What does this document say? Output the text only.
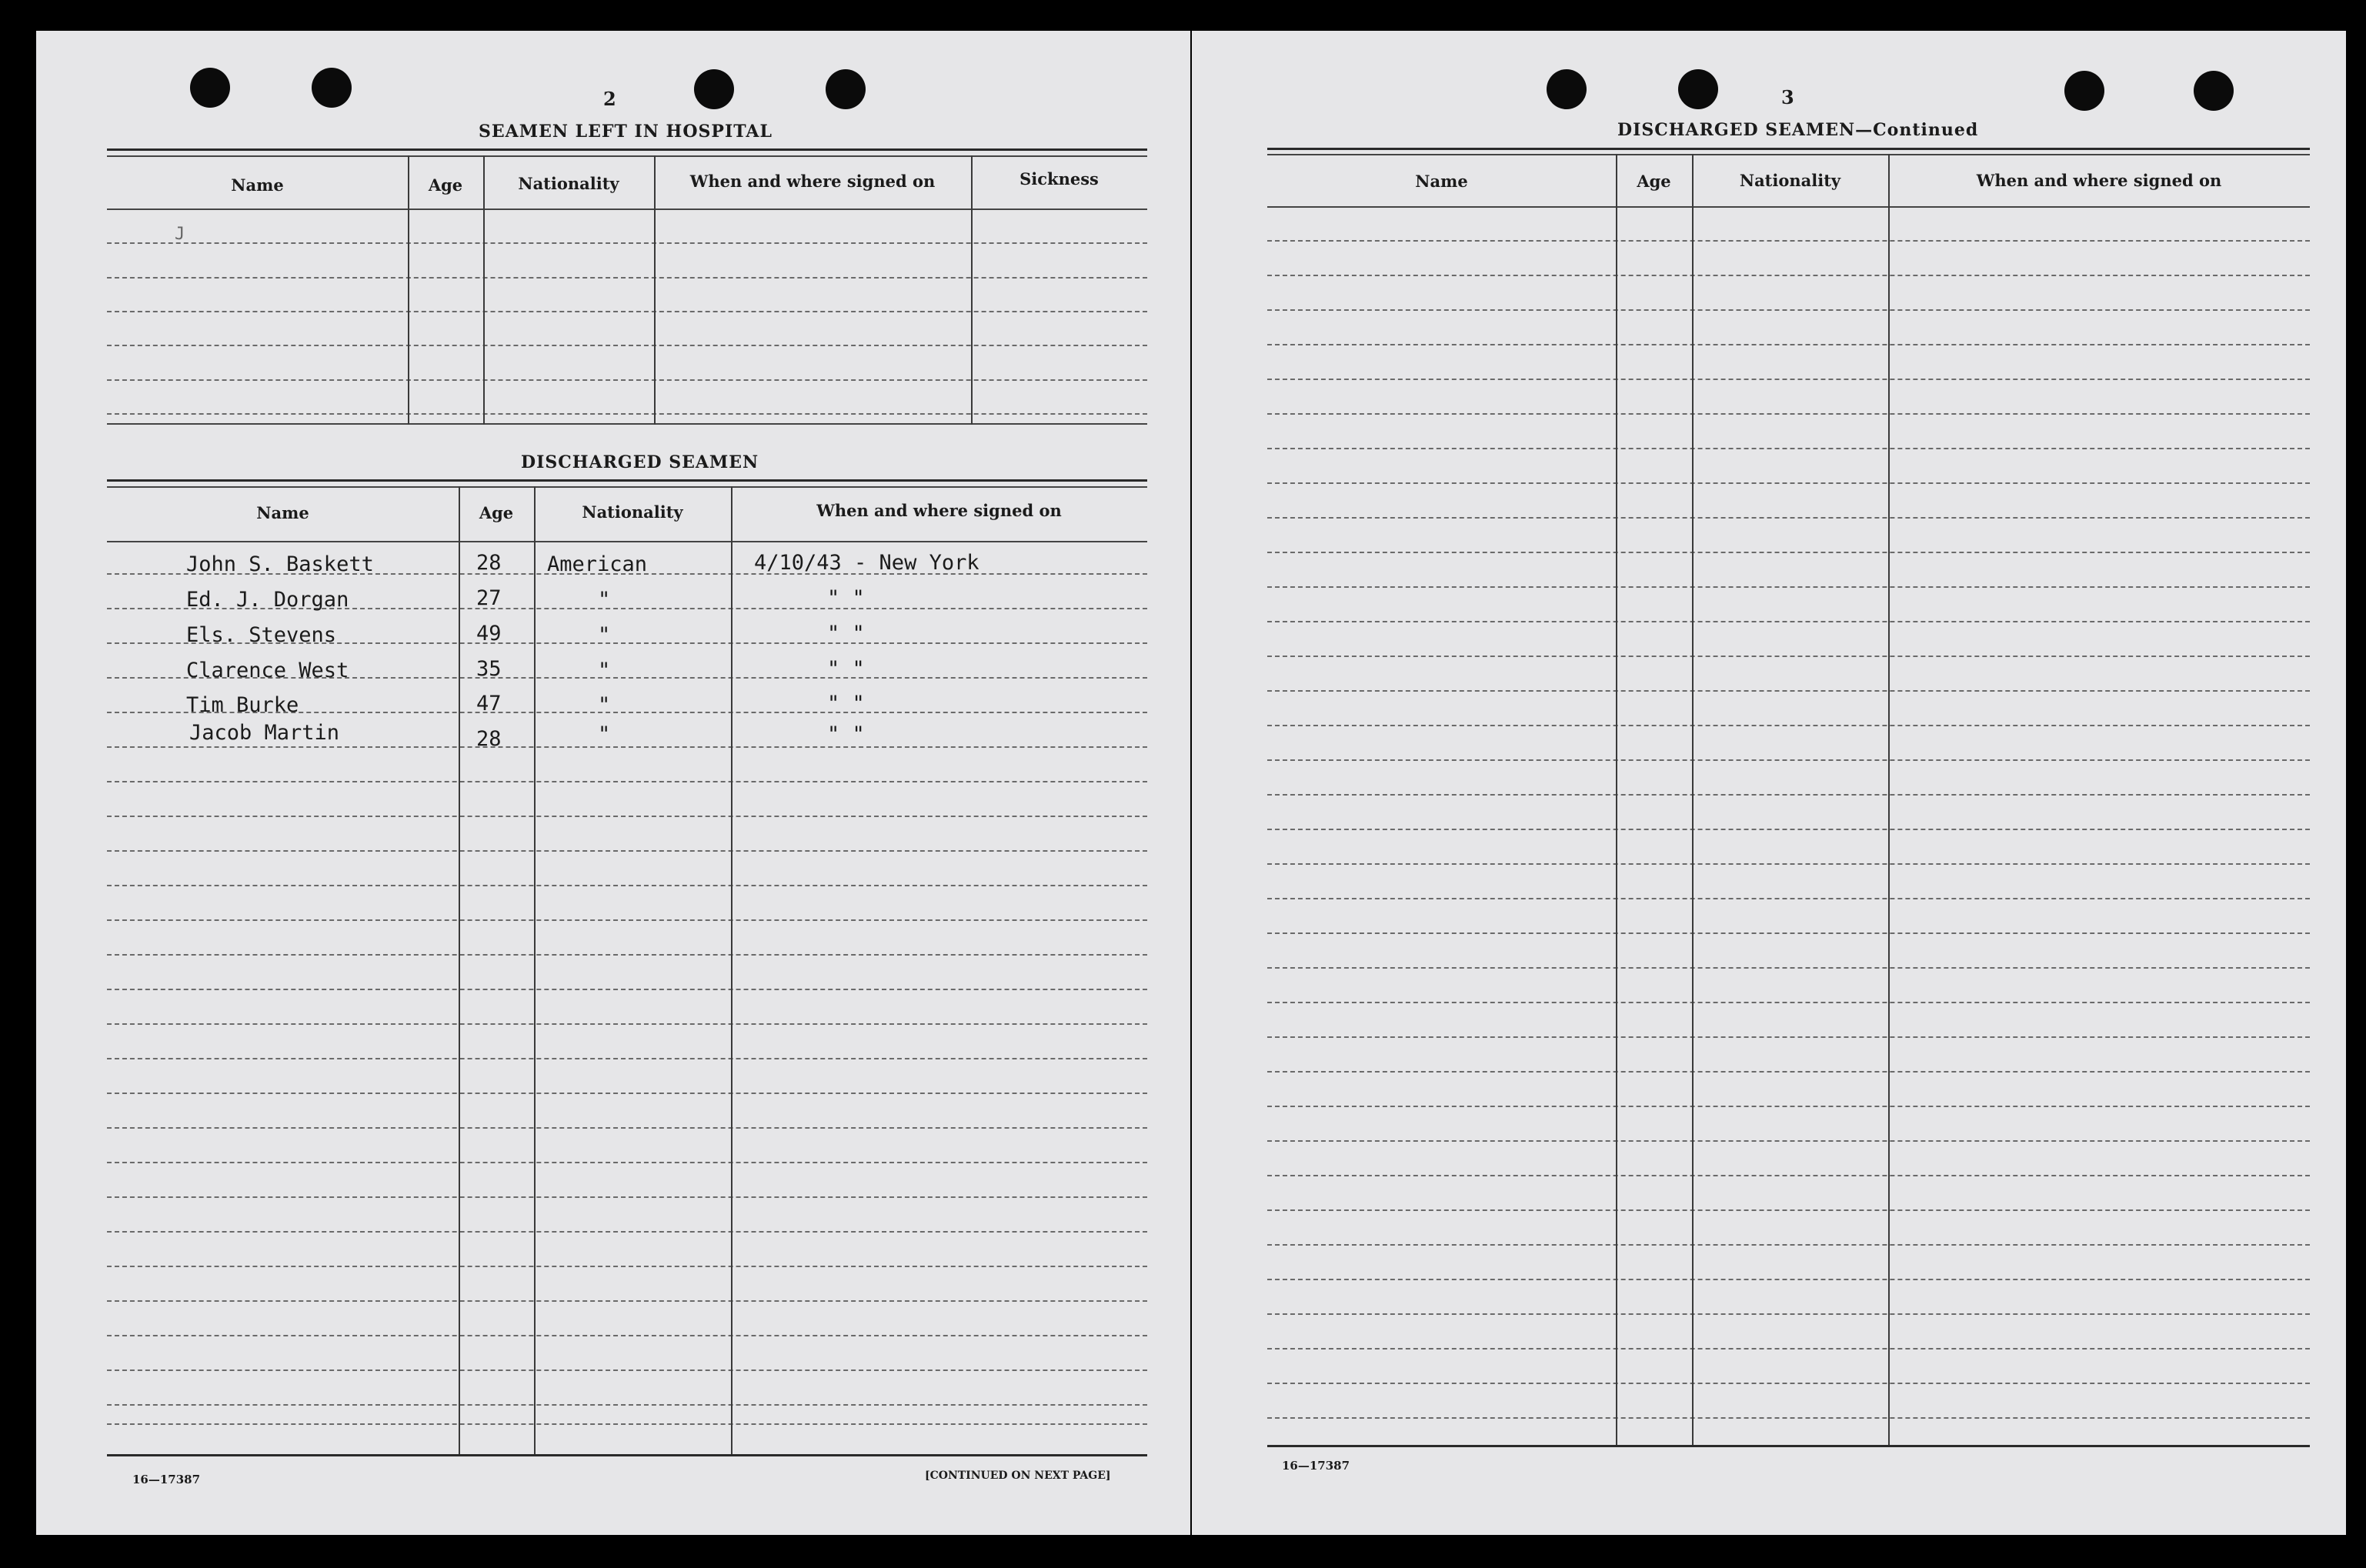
2
SEAMEN LEFT IN HOSPITAL
Name	Age	Nationality	When and where signed on	Sickness
J
DISCHARGED SEAMEN
Name	Age	Nationality	When and where signed on
John S. Baskett	28 American	4/10/43 - New York
Ed. J. Dorgan	27	"	" "
Els. Stevens	49	"	" "
Clarence West	35	"	" "
Tim Burke	47	"	" "
Jacob Martin	28	"	" "
16—17387	[CONTINUED ON NEXT PAGE]
3
DISCHARGED SEAMEN—Continued
Name	Age	Nationality	When and where signed on
16—17387
